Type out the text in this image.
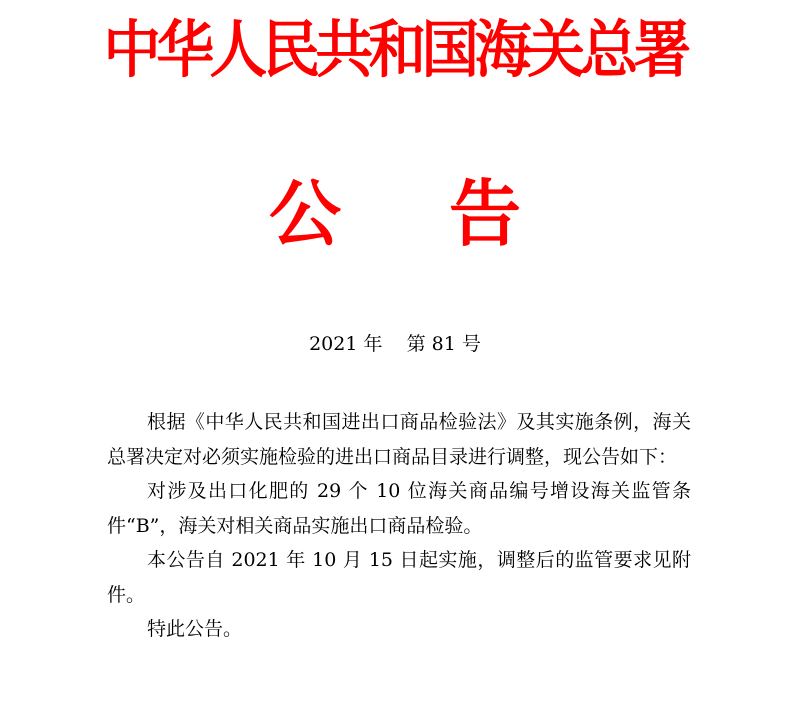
中华人民共和国海关总署
公告
2021 年    第 81 号

根据《中华人民共和国进出口商品检验法》及其实施条例，海关总署决定对必须实施检验的进出口商品目录进行调整，现公告如下：

对涉及出口化肥的 29 个 10 位海关商品编号增设海关监管条件“B”，海关对相关商品实施出口商品检验。

本公告自 2021 年 10 月 15 日起实施，调整后的监管要求见附件。

特此公告。
